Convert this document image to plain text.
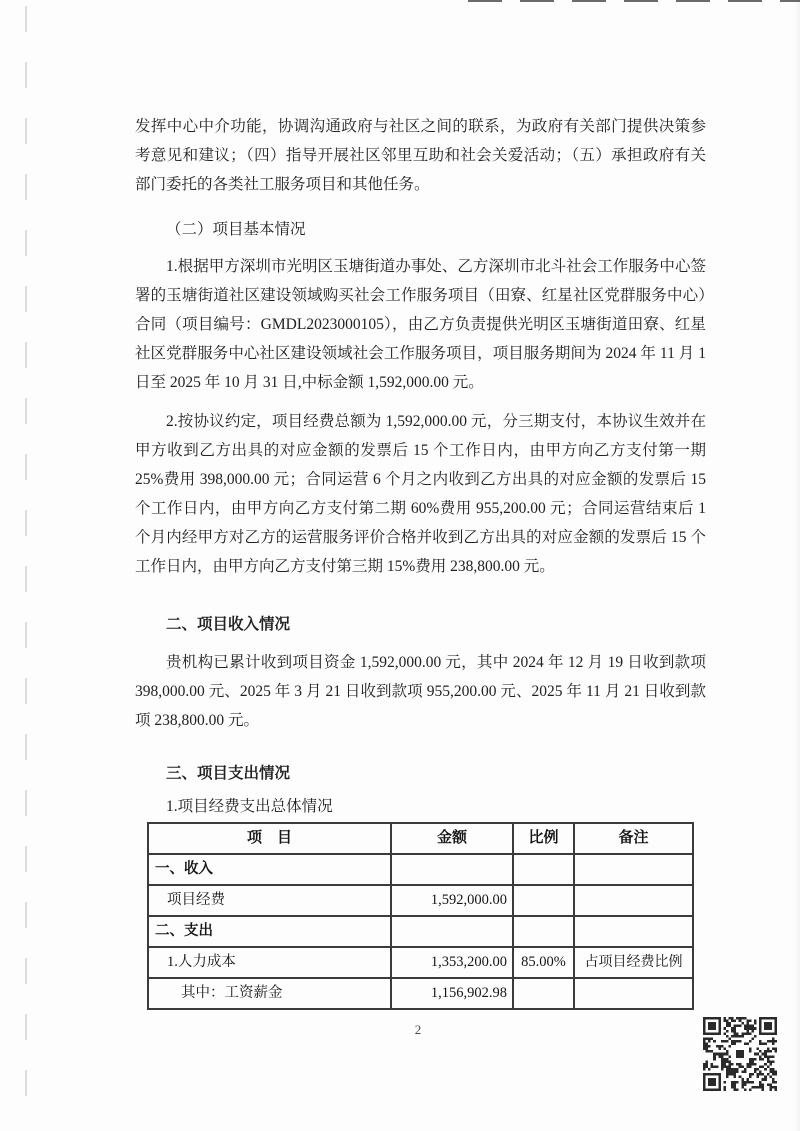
发挥中心中介功能，协调沟通政府与社区之间的联系，为政府有关部门提供决策参考意见和建议；（四）指导开展社区邻里互助和社会关爱活动；（五）承担政府有关部门委托的各类社工服务项目和其他任务。

（二）项目基本情况

1.根据甲方深圳市光明区玉塘街道办事处、乙方深圳市北斗社会工作服务中心签署的玉塘街道社区建设领域购买社会工作服务项目（田寮、红星社区党群服务中心）合同（项目编号：GMDL2023000105），由乙方负责提供光明区玉塘街道田寮、红星社区党群服务中心社区建设领域社会工作服务项目，项目服务期间为 2024 年 11 月 1 日至 2025 年 10 月 31 日,中标金额 1,592,000.00 元。

2.按协议约定，项目经费总额为 1,592,000.00 元，分三期支付，本协议生效并在甲方收到乙方出具的对应金额的发票后 15 个工作日内，由甲方向乙方支付第一期 25%费用 398,000.00 元；合同运营 6 个月之内收到乙方出具的对应金额的发票后 15 个工作日内，由甲方向乙方支付第二期 60%费用 955,200.00 元；合同运营结束后 1 个月内经甲方对乙方的运营服务评价合格并收到乙方出具的对应金额的发票后 15 个工作日内，由甲方向乙方支付第三期 15%费用 238,800.00 元。

二、项目收入情况

贵机构已累计收到项目资金 1,592,000.00 元，其中 2024 年 12 月 19 日收到款项 398,000.00 元、2025 年 3 月 21 日收到款项 955,200.00 元、2025 年 11 月 21 日收到款项 238,800.00 元。

三、项目支出情况

1.项目经费支出总体情况

项　目	金额	比例	备注
一、收入			
项目经费	1,592,000.00		
二、支出			
1.人力成本	1,353,200.00	85.00%	占项目经费比例
其中：工资薪金	1,156,902.98		
2
